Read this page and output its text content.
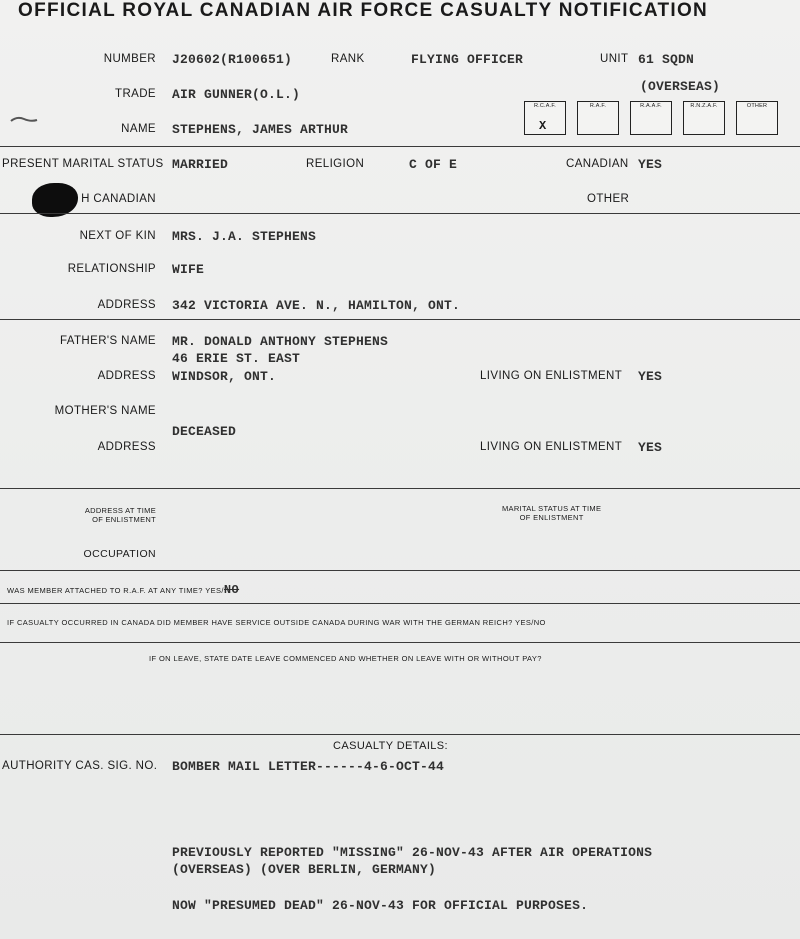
OFFICIAL ROYAL CANADIAN AIR FORCE CASUALTY NOTIFICATION
NUMBER J20602(R100651)	RANK	FLYING OFFICER	UNIT 61 SQDN
(OVERSEAS)
TRADE AIR GUNNER(O.L.)
NAME STEPHENS, JAMES ARTHUR
R.C.A.F.
X
R.A.F.	R.A.A.F.	R.N.Z.A.F.	OTHER
PRESENT MARITAL STATUS MARRIED	RELIGION	C OF E	CANADIAN YES
H CANADIAN	OTHER
NEXT OF KIN MRS. J.A. STEPHENS
RELATIONSHIP WIFE
ADDRESS 342 VICTORIA AVE. N., HAMILTON, ONT.
FATHER'S NAME MR. DONALD ANTHONY STEPHENS
46 ERIE ST. EAST
ADDRESS WINDSOR, ONT.	LIVING ON ENLISTMENT YES
MOTHER'S NAME
DECEASED
ADDRESS	LIVING ON ENLISTMENT YES
ADDRESS AT TIME
OF ENLISTMENT
MARITAL STATUS AT TIME
OF ENLISTMENT
OCCUPATION
WAS MEMBER ATTACHED TO R.A.F. AT ANY TIME? YES/NO
IF CASUALTY OCCURRED IN CANADA DID MEMBER HAVE SERVICE OUTSIDE CANADA DURING WAR WITH THE GERMAN REICH? YES/NO
IF ON LEAVE, STATE DATE LEAVE COMMENCED AND WHETHER ON LEAVE WITH OR WITHOUT PAY?
CASUALTY DETAILS:
AUTHORITY CAS. SIG. NO. BOMBER MAIL LETTER------4-6-OCT-44
PREVIOUSLY REPORTED "MISSING" 26-NOV-43 AFTER AIR OPERATIONS
(OVERSEAS) (OVER BERLIN, GERMANY)
NOW "PRESUMED DEAD" 26-NOV-43 FOR OFFICIAL PURPOSES.
